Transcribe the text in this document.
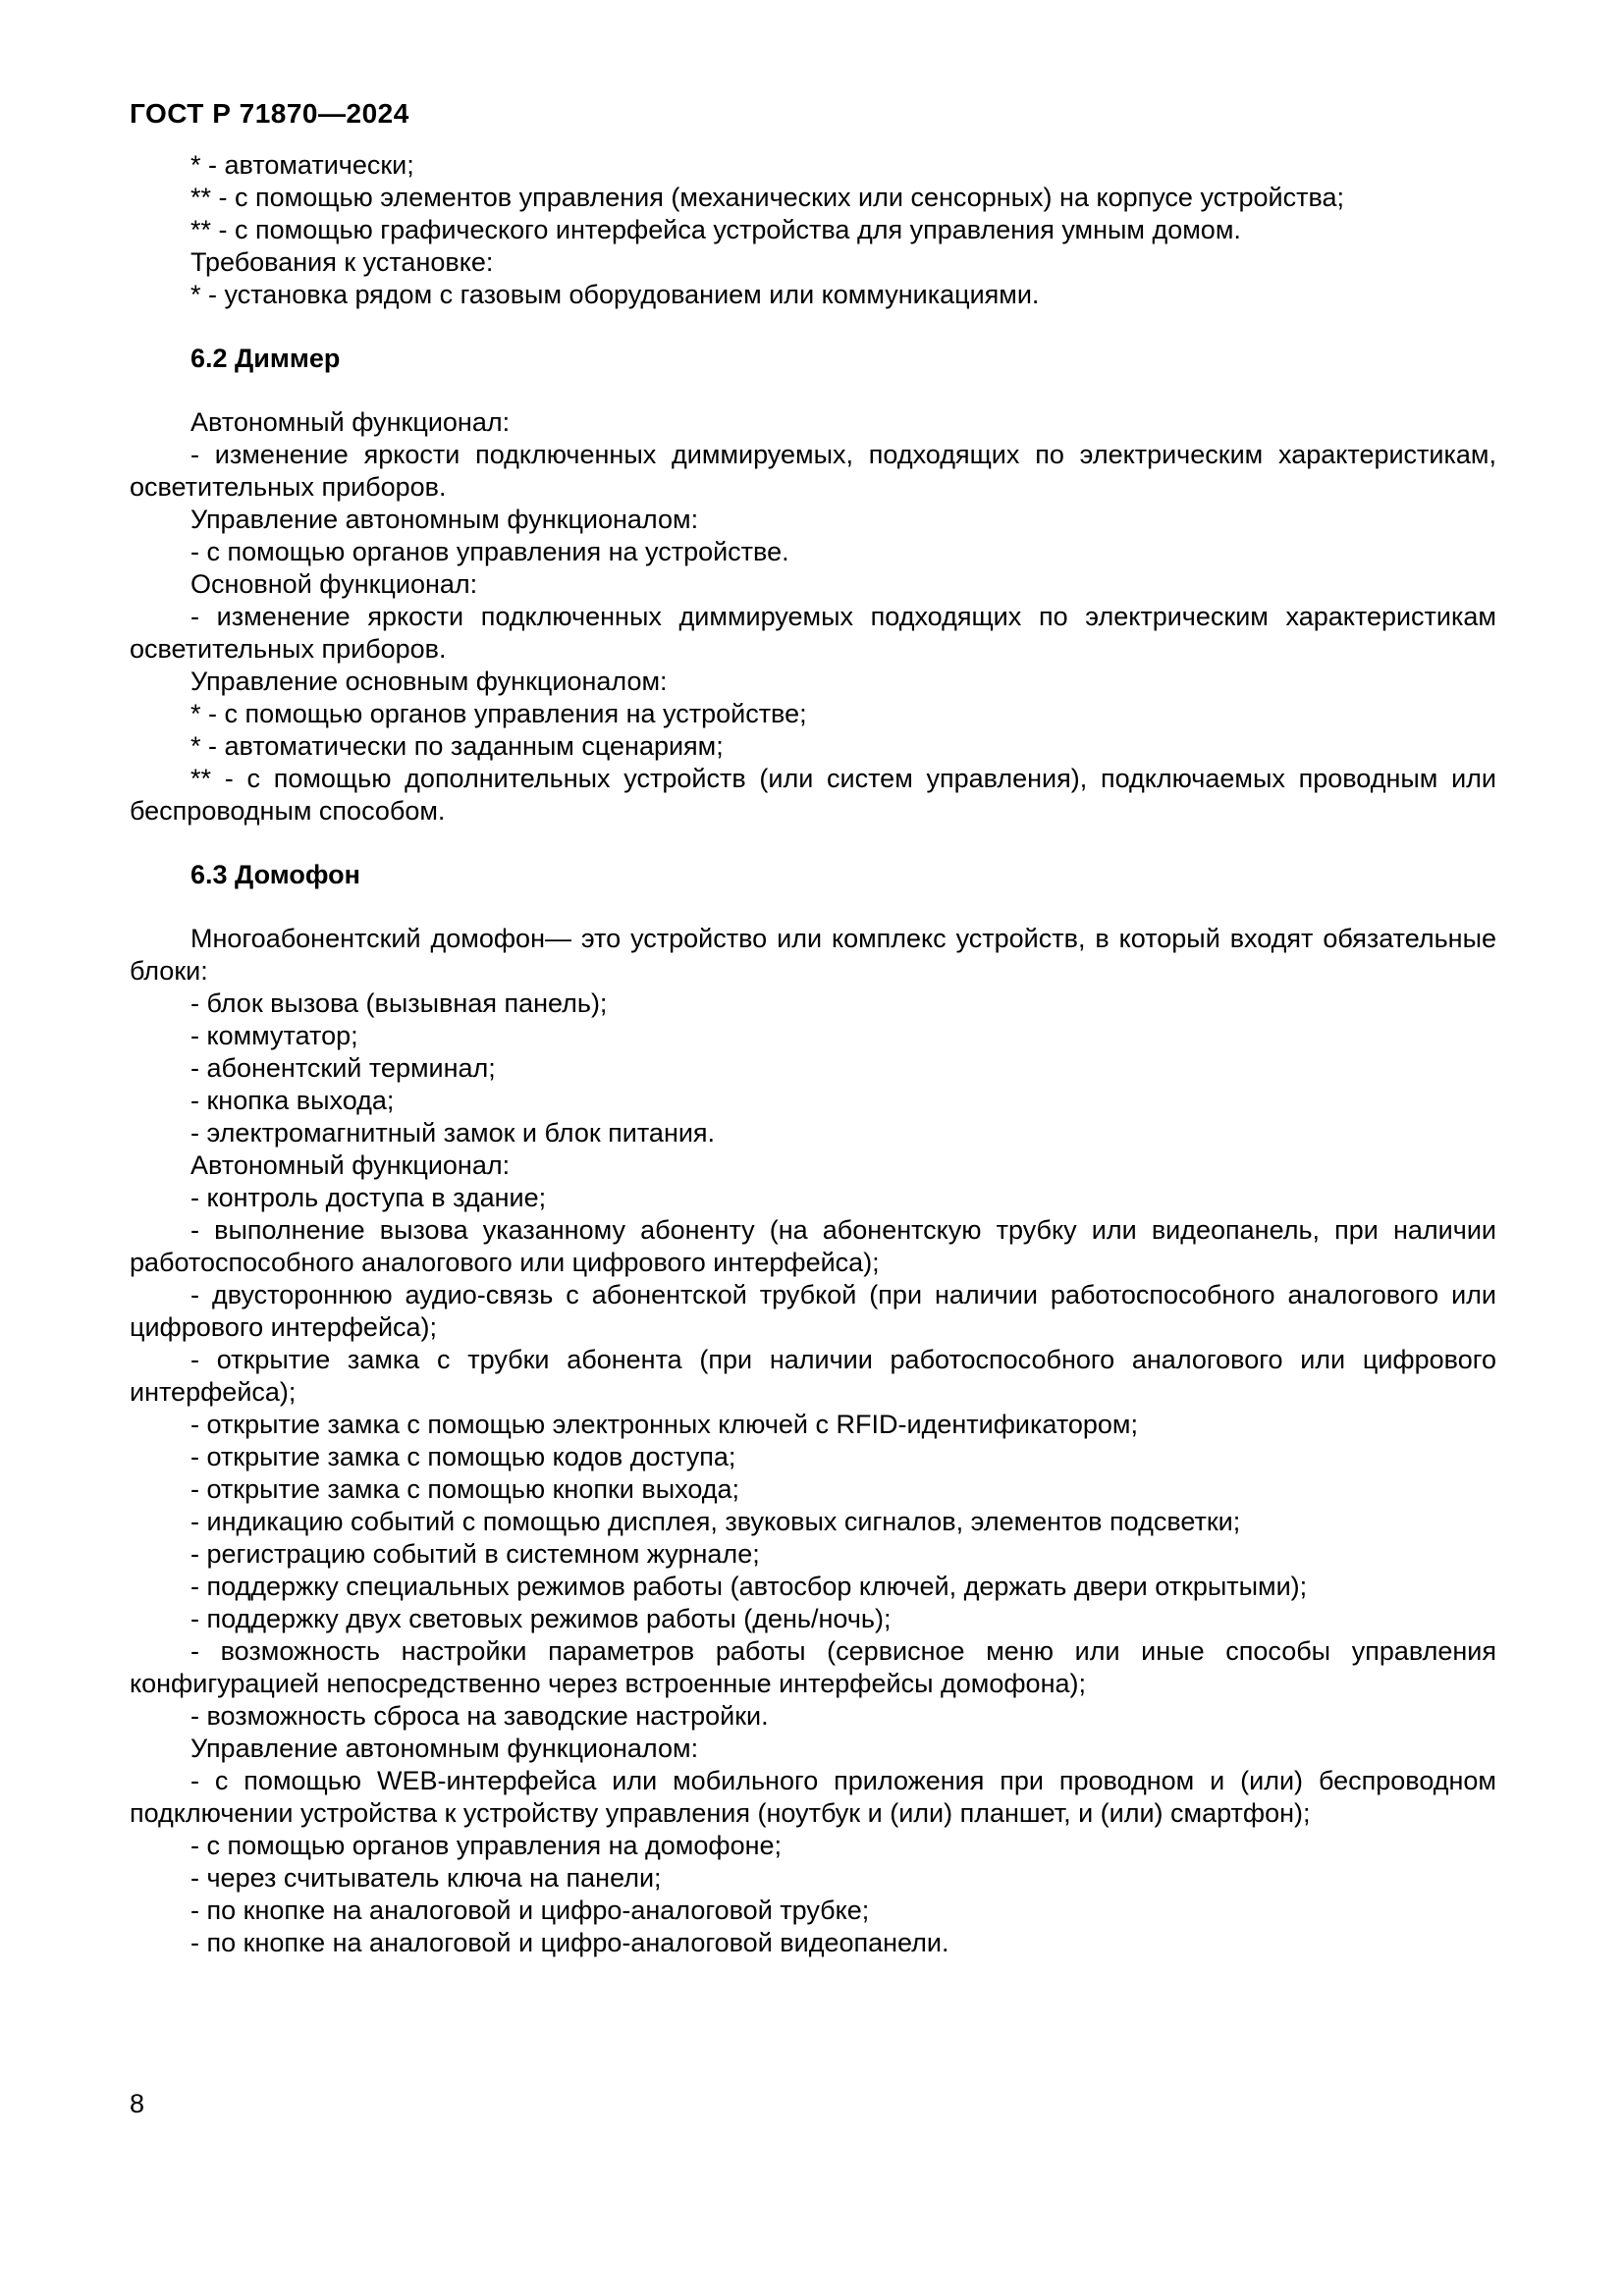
ГОСТ Р 71870—2024

* - автоматически;

** - с помощью элементов управления (механических или сенсорных) на корпусе устройства;

** - с помощью графического интерфейса устройства для управления умным домом.

Требования к установке:

* - установка рядом с газовым оборудованием или коммуникациями.

6.2 Диммер

Автономный функционал:

- изменение яркости подключенных диммируемых, подходящих по электрическим характеристикам, осветительных приборов.

Управление автономным функционалом:

- с помощью органов управления на устройстве.

Основной функционал:

- изменение яркости подключенных диммируемых подходящих по электрическим характеристикам осветительных приборов.

Управление основным функционалом:

* - с помощью органов управления на устройстве;

* - автоматически по заданным сценариям;

** - с помощью дополнительных устройств (или систем управления), подключаемых проводным или беспроводным способом.

6.3 Домофон

Многоабонентский домофон— это устройство или комплекс устройств, в который входят обязательные блоки:

- блок вызова (вызывная панель);

- коммутатор;

- абонентский терминал;

- кнопка выхода;

- электромагнитный замок и блок питания.

Автономный функционал:

- контроль доступа в здание;

- выполнение вызова указанному абоненту (на абонентскую трубку или видеопанель, при наличии работоспособного аналогового или цифрового интерфейса);

- двустороннюю аудио-связь с абонентской трубкой (при наличии работоспособного аналогового или цифрового интерфейса);

- открытие замка с трубки абонента (при наличии работоспособного аналогового или цифрового интерфейса);

- открытие замка с помощью электронных ключей с RFID-идентификатором;

- открытие замка с помощью кодов доступа;

- открытие замка с помощью кнопки выхода;

- индикацию событий с помощью дисплея, звуковых сигналов, элементов подсветки;

- регистрацию событий в системном журнале;

- поддержку специальных режимов работы (автосбор ключей, держать двери открытыми);

- поддержку двух световых режимов работы (день/ночь);

- возможность настройки параметров работы (сервисное меню или иные способы управления конфигурацией непосредственно через встроенные интерфейсы домофона);

- возможность сброса на заводские настройки.

Управление автономным функционалом:

- с помощью WEB-интерфейса или мобильного приложения при проводном и (или) беспроводном подключении устройства к устройству управления (ноутбук и (или) планшет, и (или) смартфон);

- с помощью органов управления на домофоне;

- через считыватель ключа на панели;

- по кнопке на аналоговой и цифро-аналоговой трубке;

- по кнопке на аналоговой и цифро-аналоговой видеопанели.

8
